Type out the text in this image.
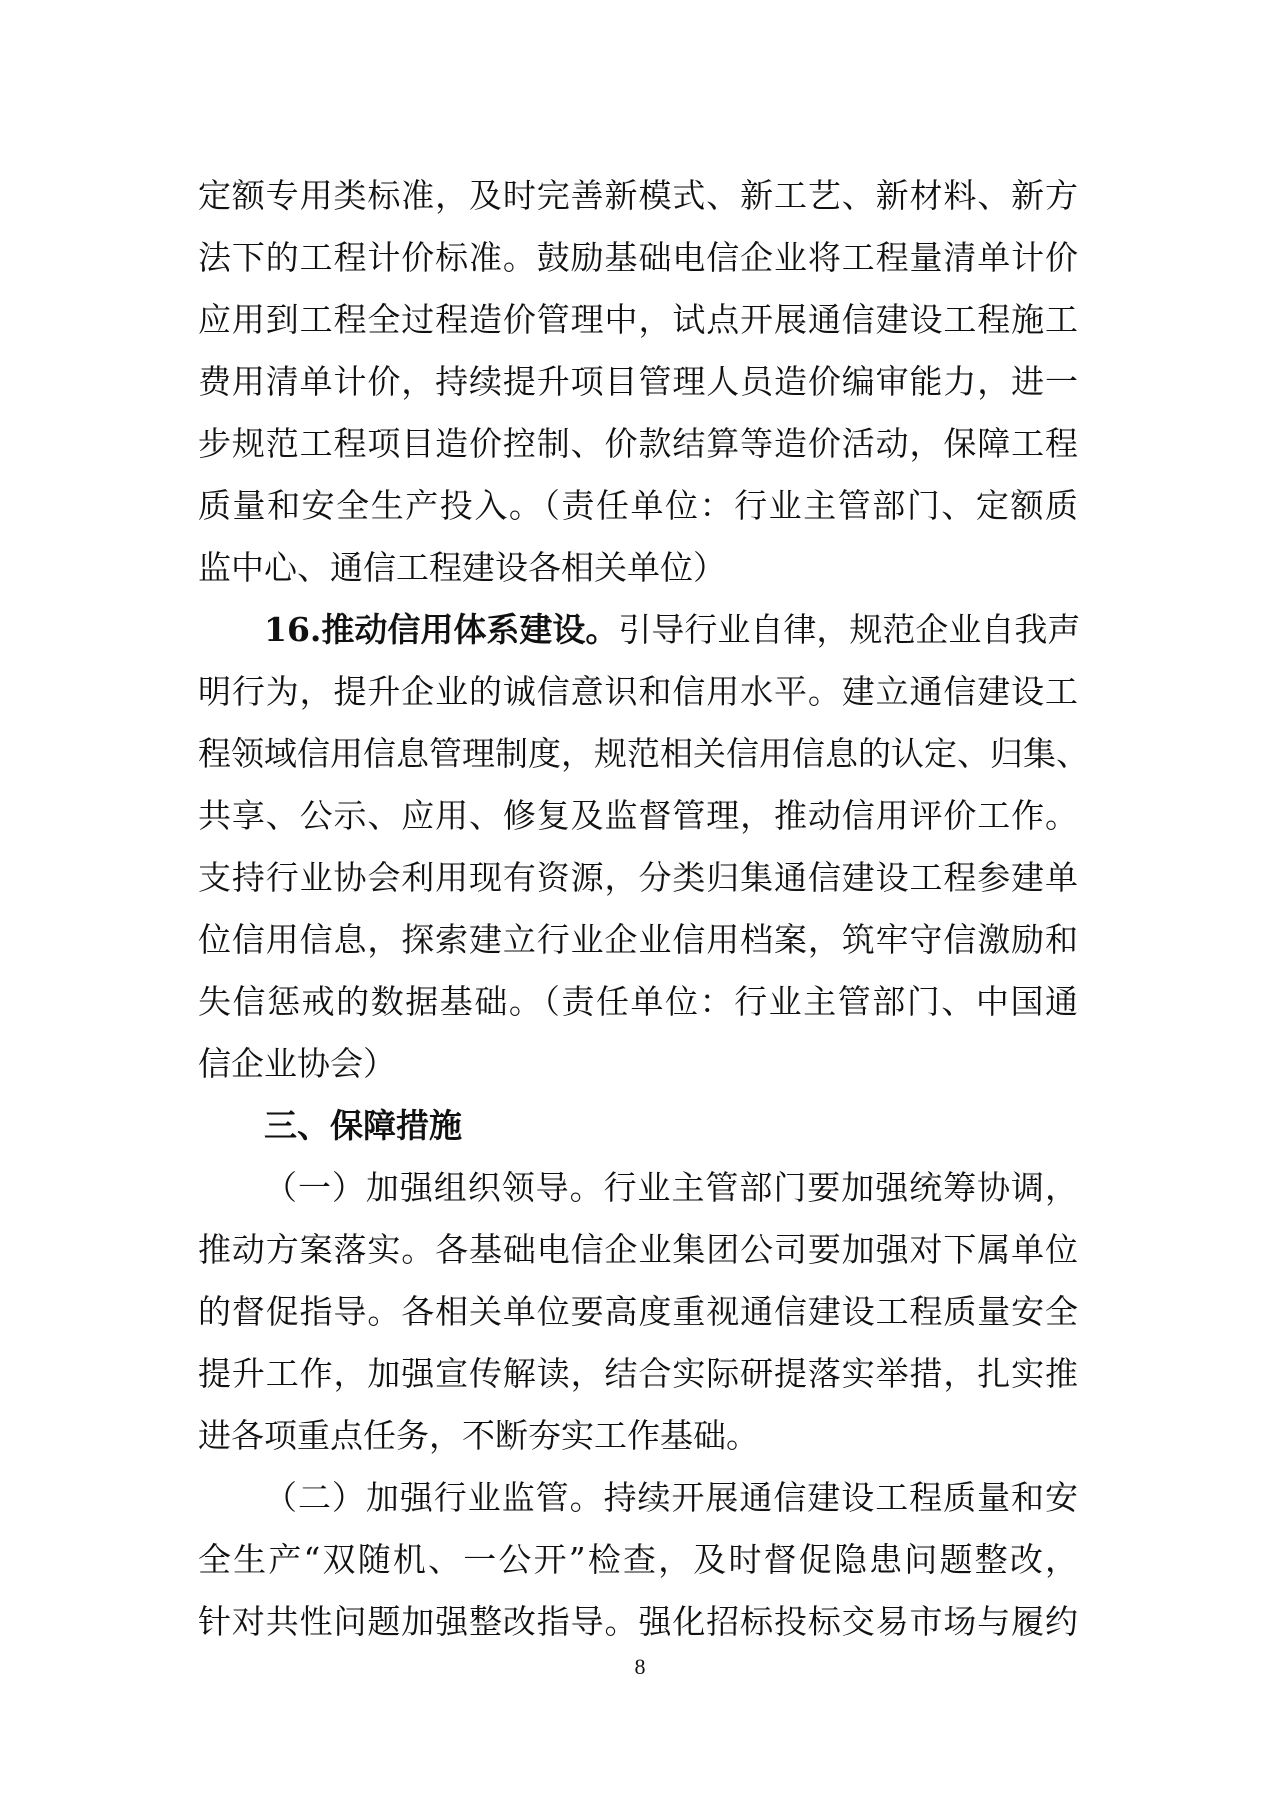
定额专用类标准，及时完善新模式、新工艺、新材料、新方
法下的工程计价标准。鼓励基础电信企业将工程量清单计价
应用到工程全过程造价管理中，试点开展通信建设工程施工
费用清单计价，持续提升项目管理人员造价编审能力，进一
步规范工程项目造价控制、价款结算等造价活动，保障工程
质量和安全生产投入。（责任单位：行业主管部门、定额质
监中心、通信工程建设各相关单位）
16.推动信用体系建设。引导行业自律，规范企业自我声
明行为，提升企业的诚信意识和信用水平。建立通信建设工
程领域信用信息管理制度，规范相关信用信息的认定、归集、
共享、公示、应用、修复及监督管理，推动信用评价工作。
支持行业协会利用现有资源，分类归集通信建设工程参建单
位信用信息，探索建立行业企业信用档案，筑牢守信激励和
失信惩戒的数据基础。（责任单位：行业主管部门、中国通
信企业协会）
三、保障措施
（一）加强组织领导。行业主管部门要加强统筹协调，
推动方案落实。各基础电信企业集团公司要加强对下属单位
的督促指导。各相关单位要高度重视通信建设工程质量安全
提升工作，加强宣传解读，结合实际研提落实举措，扎实推
进各项重点任务，不断夯实工作基础。
（二）加强行业监管。持续开展通信建设工程质量和安
全生产“双随机、一公开”检查，及时督促隐患问题整改，
针对共性问题加强整改指导。强化招标投标交易市场与履约
8
